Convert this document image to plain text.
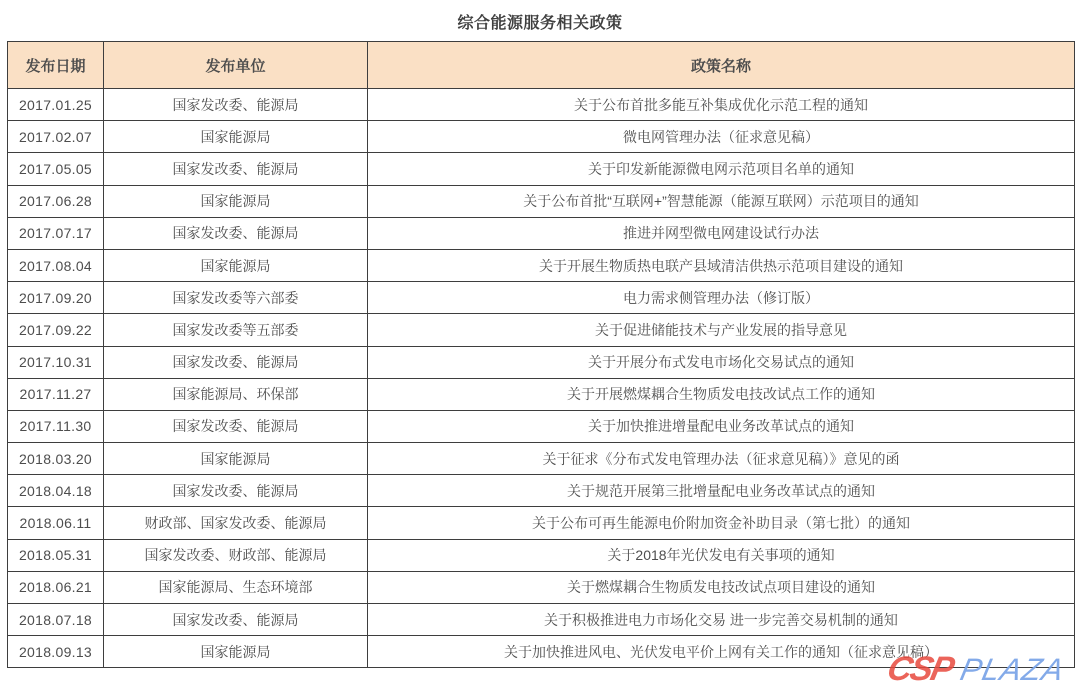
综合能源服务相关政策
发布日期	发布单位	政策名称
2017.01.25	国家发改委、能源局	关于公布首批多能互补集成优化示范工程的通知
2017.02.07	国家能源局	微电网管理办法（征求意见稿）
2017.05.05	国家发改委、能源局	关于印发新能源微电网示范项目名单的通知
2017.06.28	国家能源局	关于公布首批“互联网+”智慧能源（能源互联网）示范项目的通知
2017.07.17	国家发改委、能源局	推进并网型微电网建设试行办法
2017.08.04	国家能源局	关于开展生物质热电联产县域清洁供热示范项目建设的通知
2017.09.20	国家发改委等六部委	电力需求侧管理办法（修订版）
2017.09.22	国家发改委等五部委	关于促进储能技术与产业发展的指导意见
2017.10.31	国家发改委、能源局	关于开展分布式发电市场化交易试点的通知
2017.11.27	国家能源局、环保部	关于开展燃煤耦合生物质发电技改试点工作的通知
2017.11.30	国家发改委、能源局	关于加快推进增量配电业务改革试点的通知
2018.03.20	国家能源局	关于征求《分布式发电管理办法（征求意见稿）》意见的函
2018.04.18	国家发改委、能源局	关于规范开展第三批增量配电业务改革试点的通知
2018.06.11	财政部、国家发改委、能源局	关于公布可再生能源电价附加资金补助目录（第七批）的通知
2018.05.31	国家发改委、财政部、能源局	关于2018年光伏发电有关事项的通知
2018.06.21	国家能源局、生态环境部	关于燃煤耦合生物质发电技改试点项目建设的通知
2018.07.18	国家发改委、能源局	关于积极推进电力市场化交易 进一步完善交易机制的通知
2018.09.13	国家能源局	关于加快推进风电、光伏发电平价上网有关工作的通知（征求意见稿）
CSP PLAZA
